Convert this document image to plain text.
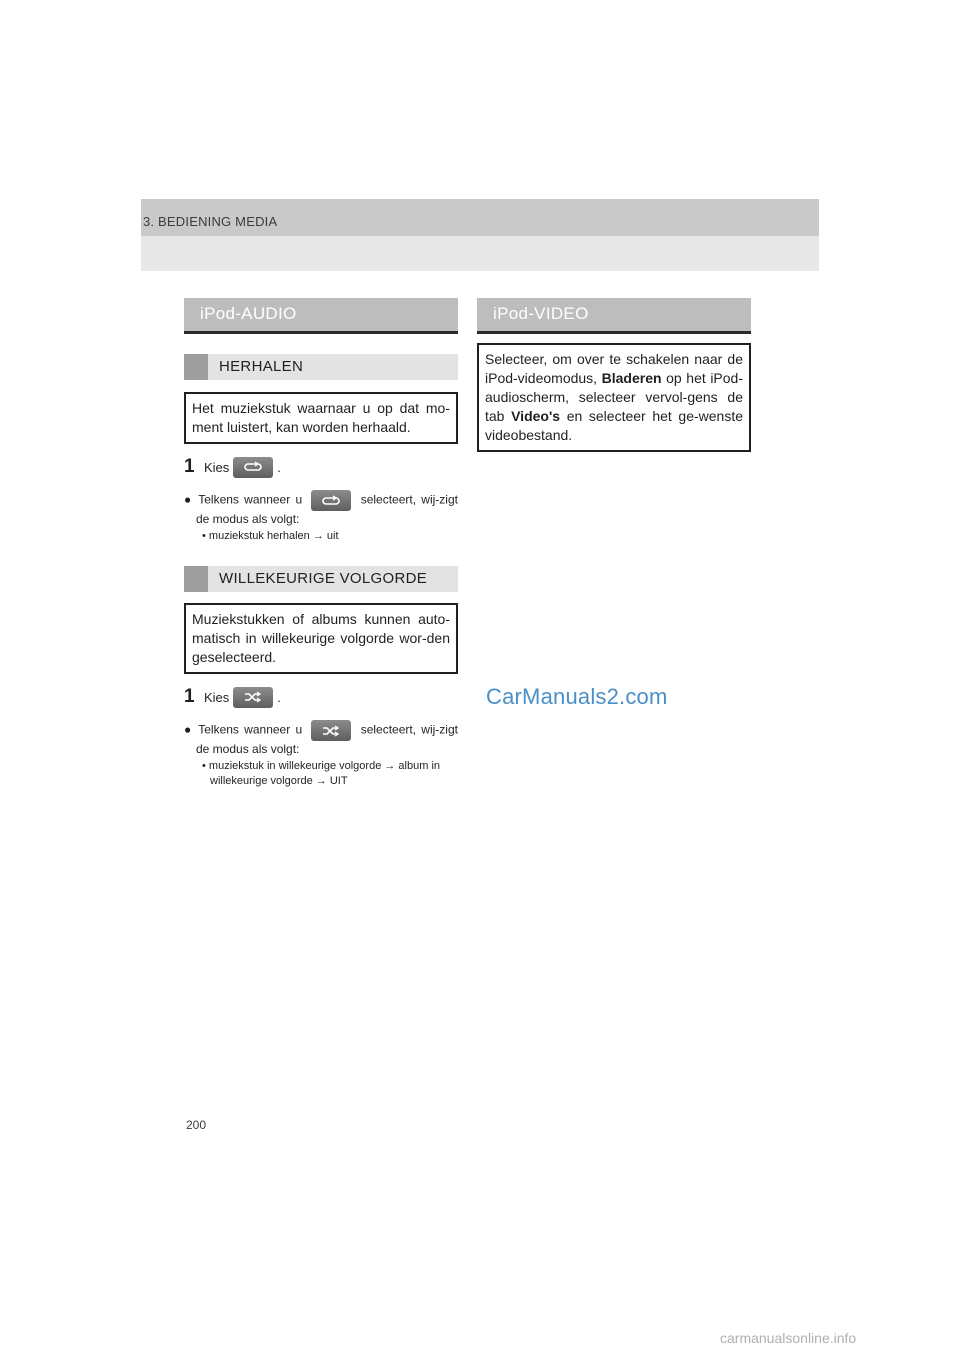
3. BEDIENING MEDIA
iPod-AUDIO
HERHALEN
Het muziekstuk waarnaar u op dat mo-ment luistert, kan worden herhaald.
1 Kies	.
● Telkens wanneer u	selecteert, wij-zigt de modus als volgt:
• muziekstuk herhalen → uit
WILLEKEURIGE VOLGORDE
Muziekstukken of albums kunnen auto-matisch in willekeurige volgorde wor-den geselecteerd.
1 Kies	.
● Telkens wanneer u	selecteert, wij-zigt de modus als volgt:
• muziekstuk in willekeurige volgorde → album in willekeurige volgorde → UIT
iPod-VIDEO
Selecteer, om over te schakelen naar de iPod-videomodus, Bladeren op het iPod-audioscherm, selecteer vervol-gens de tab Video's en selecteer het ge-wenste videobestand.
CarManuals2.com
200
carmanualsonline.info
